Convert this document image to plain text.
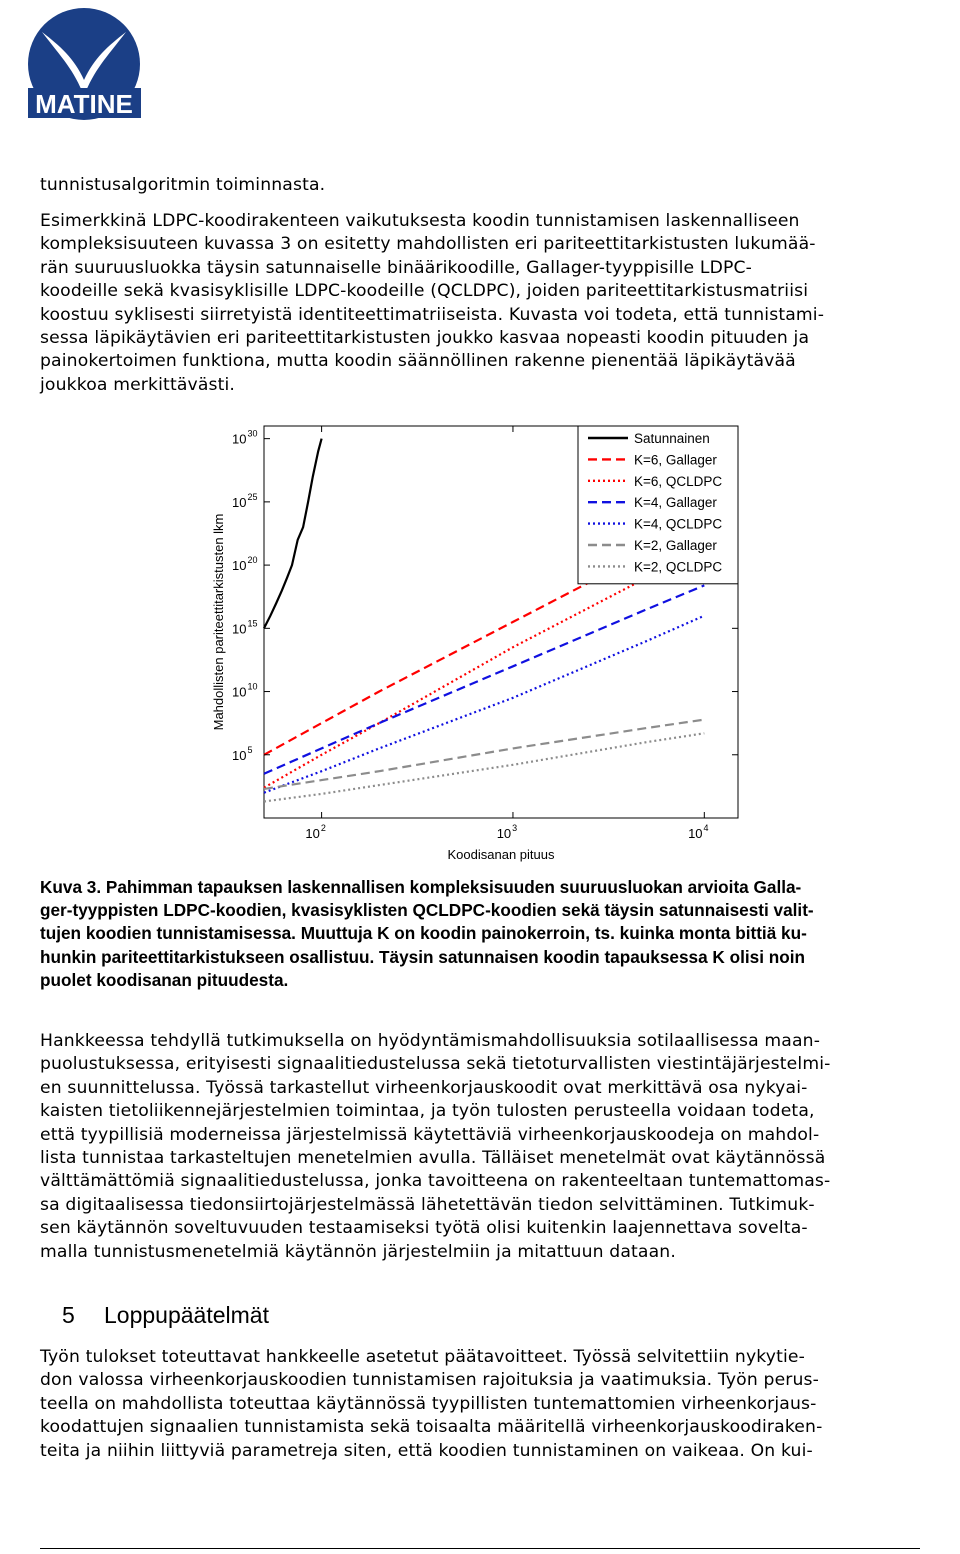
MATINE

tunnistusalgoritmin toiminnasta.

Esimerkkinä LDPC-koodirakenteen vaikutuksesta koodin tunnistamisen laskennalliseen
kompleksisuuteen kuvassa 3 on esitetty mahdollisten eri pariteettitarkistusten lukumää-
rän suuruusluokka täysin satunnaiselle binäärikoodille, Gallager-tyyppisille LDPC-
koodeille sekä kvasisyklisille LDPC-koodeille (QCLDPC), joiden pariteettitarkistusmatriisi
koostuu syklisesti siirretyistä identiteettimatriiseista. Kuvasta voi todeta, että tunnistami-
sessa läpikäytävien eri pariteettitarkistusten joukko kasvaa nopeasti koodin pituuden ja
painokertoimen funktiona, mutta koodin säännöllinen rakenne pienentää läpikäytävää
joukkoa merkittävästi.

$10^2$	$10^3$	$10^4$
$10^5$
$10^{10}$
$10^{15}$
$10^{20}$
$10^{25}$
$10^{30}$	Satunnainen
K=6, Gallager
K=6, QCLDPC
K=4, Gallager
K=4, QCLDPC
K=2, Gallager
K=2, QCLDPC
Koodisanan pituus
Mahdollisten pariteettitarkistusten lkm

Kuva 3. Pahimman tapauksen laskennallisen kompleksisuuden suuruusluokan arvioita Galla-
ger-tyyppisten LDPC-koodien, kvasisyklisten QCLDPC-koodien sekä täysin satunnaisesti valit-
tujen koodien tunnistamisessa. Muuttuja K on koodin painokerroin, ts. kuinka monta bittiä ku-
hunkin pariteettitarkistukseen osallistuu. Täysin satunnaisen koodin tapauksessa K olisi noin
puolet koodisanan pituudesta.

Hankkeessa tehdyllä tutkimuksella on hyödyntämismahdollisuuksia sotilaallisessa maan-
puolustuksessa, erityisesti signaalitiedustelussa sekä tietoturvallisten viestintäjärjestelmi-
en suunnittelussa. Työssä tarkastellut virheenkorjauskoodit ovat merkittävä osa nykyai-
kaisten tietoliikennejärjestelmien toimintaa, ja työn tulosten perusteella voidaan todeta,
että tyypillisiä moderneissa järjestelmissä käytettäviä virheenkorjauskoodeja on mahdol-
lista tunnistaa tarkasteltujen menetelmien avulla. Tälläiset menetelmät ovat käytännössä
välttämättömiä signaalitiedustelussa, jonka tavoitteena on rakenteeltaan tuntemattomas-
sa digitaalisessa tiedonsiirtojärjestelmässä lähetettävän tiedon selvittäminen. Tutkimuk-
sen käytännön soveltuvuuden testaamiseksi työtä olisi kuitenkin laajennettava sovelta-
malla tunnistusmenetelmiä käytännön järjestelmiin ja mitattuun dataan.

5 Loppupäätelmät

Työn tulokset toteuttavat hankkeelle asetetut päätavoitteet. Työssä selvitettiin nykytie-
don valossa virheenkorjauskoodien tunnistamisen rajoituksia ja vaatimuksia. Työn perus-
teella on mahdollista toteuttaa käytännössä tyypillisten tuntemattomien virheenkorjaus-
koodattujen signaalien tunnistamista sekä toisaalta määritellä virheenkorjauskoodiraken-
teita ja niihin liittyviä parametreja siten, että koodien tunnistaminen on vaikeaa. On kui-
